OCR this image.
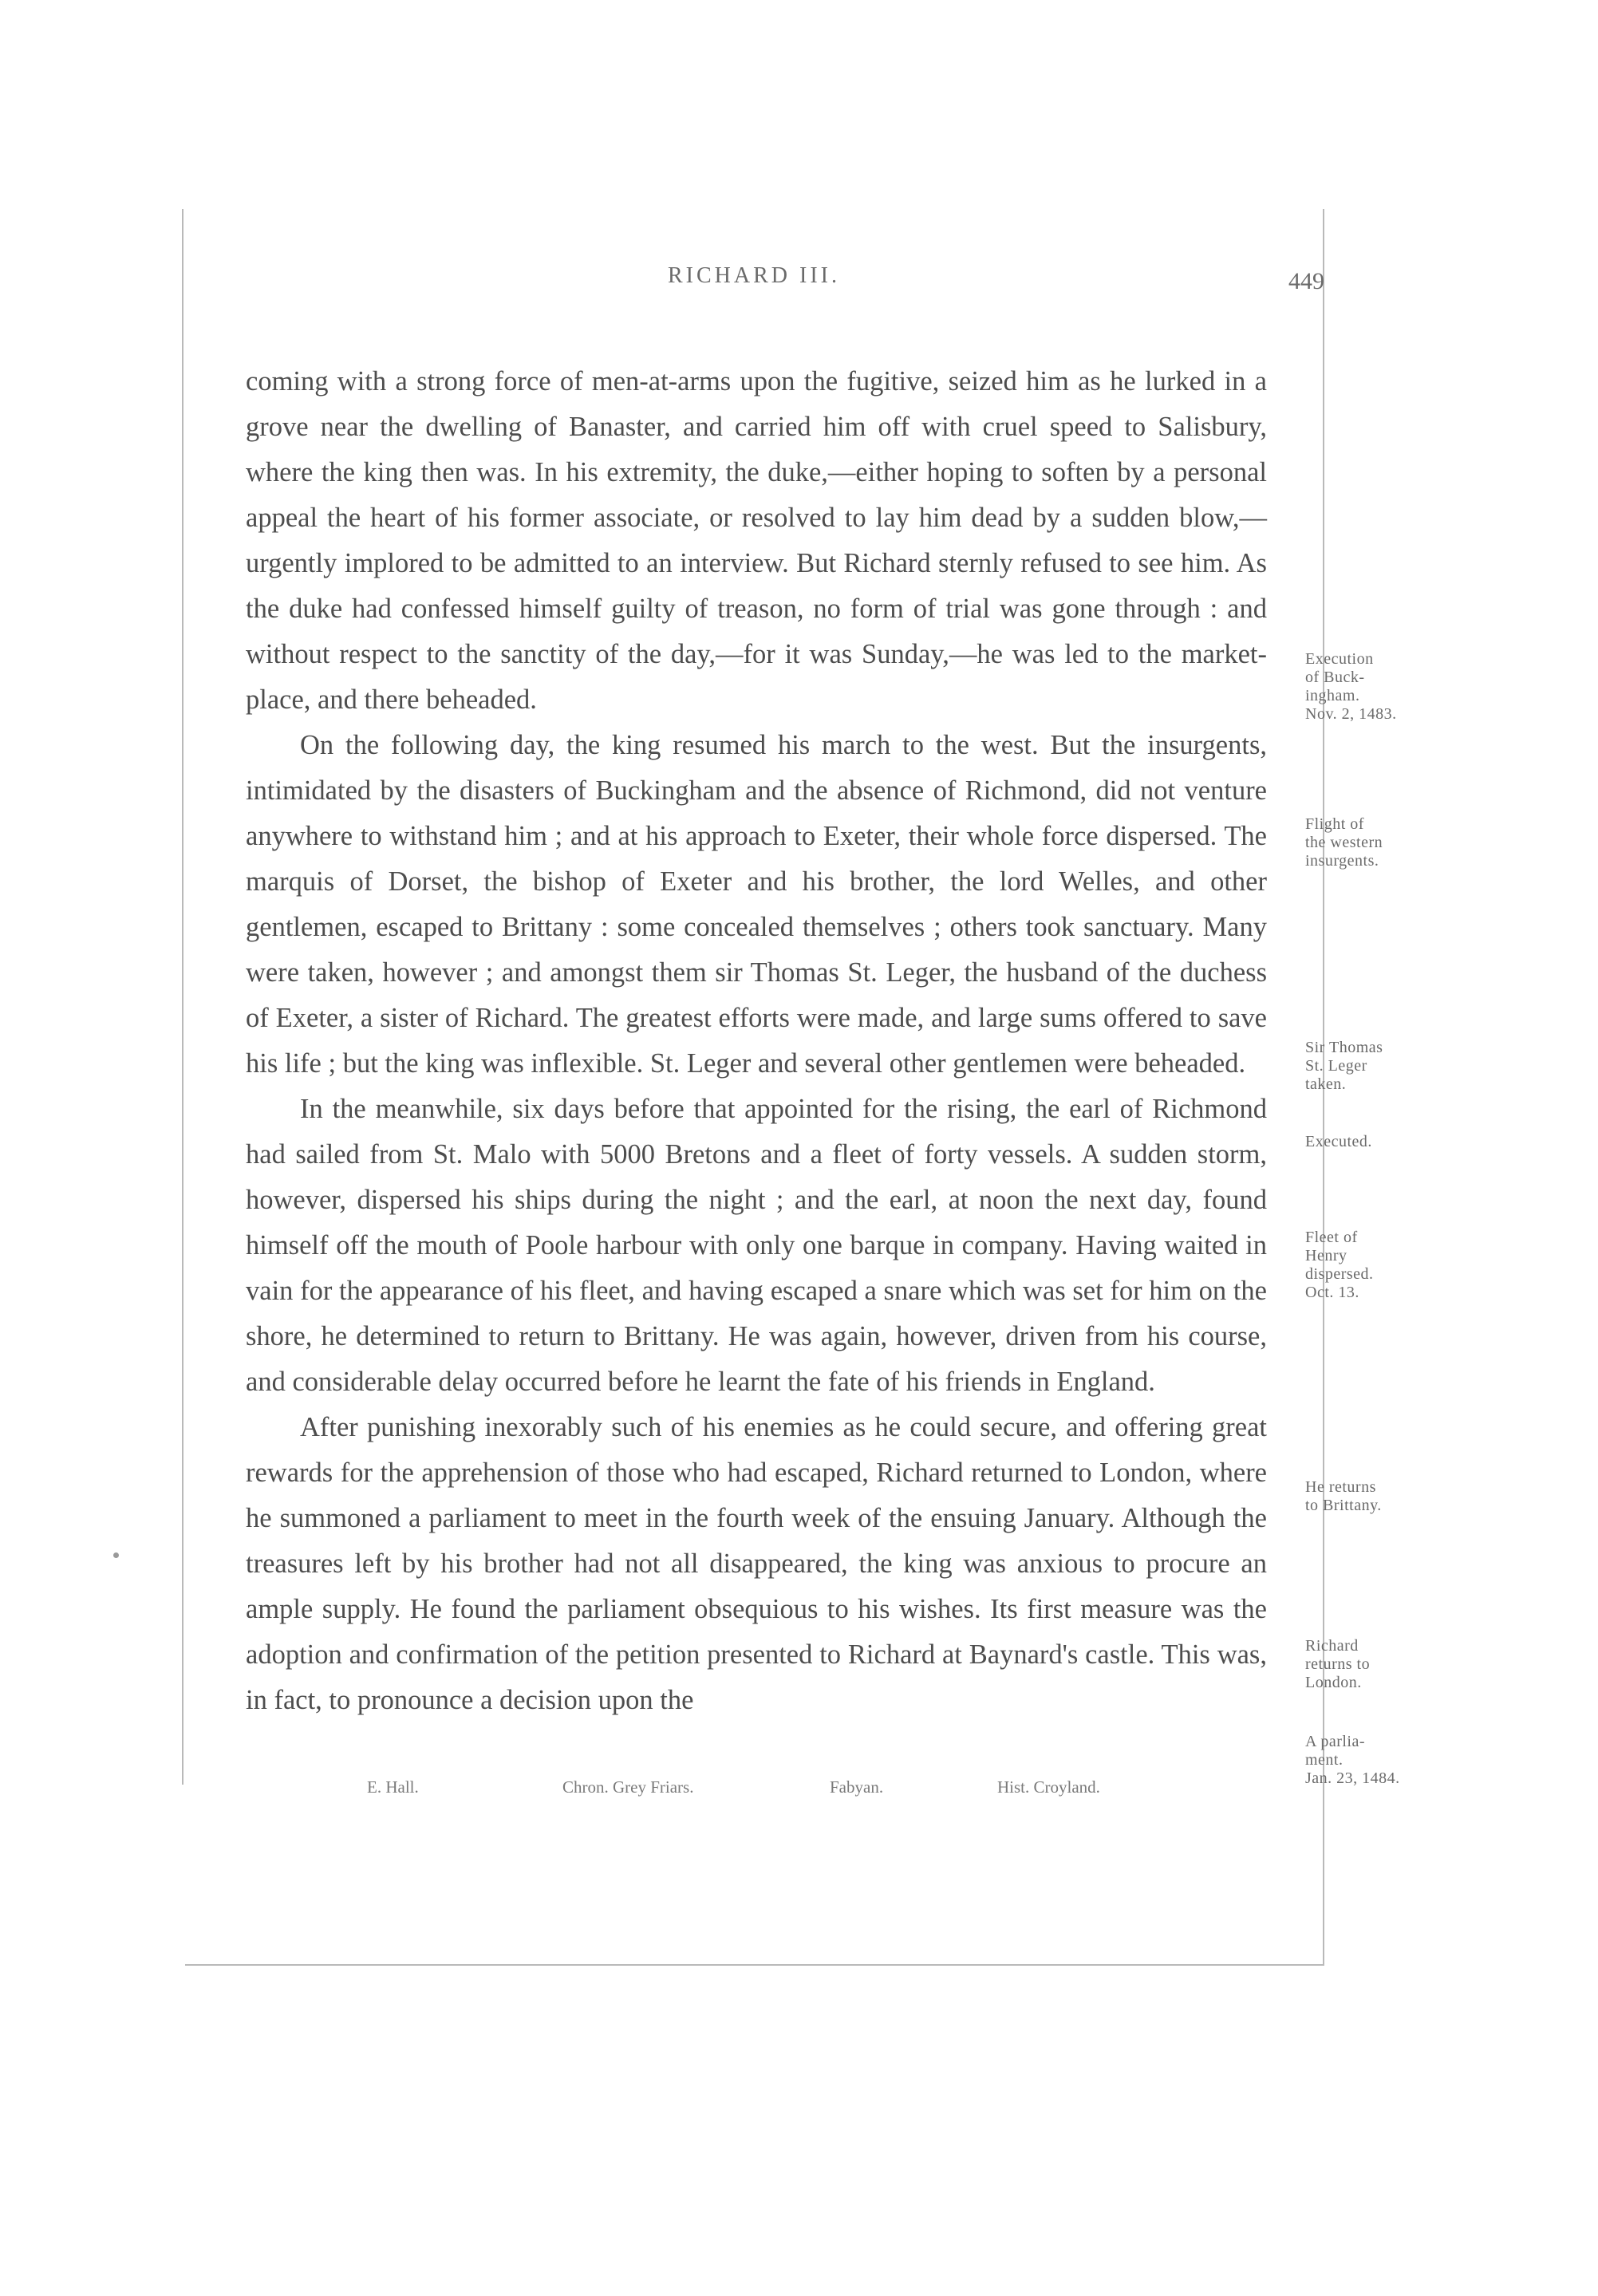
RICHARD III.	449

coming with a strong force of men-at-arms upon the fugitive, seized him as he lurked in a grove near the dwelling of Banaster, and carried him off with cruel speed to Salisbury, where the king then was. In his extremity, the duke,—either hoping to soften by a personal appeal the heart of his former associate, or resolved to lay him dead by a sudden blow,—urgently implored to be admitted to an interview. But Richard sternly refused to see him. As the duke had confessed himself guilty of treason, no form of trial was gone through : and without respect to the sanctity of the day,—for it was Sunday,—he was led to the market-place, and there beheaded.

On the following day, the king resumed his march to the west. But the insurgents, intimidated by the disasters of Buckingham and the absence of Richmond, did not venture anywhere to withstand him ; and at his approach to Exeter, their whole force dispersed. The marquis of Dorset, the bishop of Exeter and his brother, the lord Welles, and other gentlemen, escaped to Brittany : some concealed themselves ; others took sanctuary. Many were taken, however ; and amongst them sir Thomas St. Leger, the husband of the duchess of Exeter, a sister of Richard. The greatest efforts were made, and large sums offered to save his life ; but the king was inflexible. St. Leger and several other gentlemen were beheaded.

In the meanwhile, six days before that appointed for the rising, the earl of Richmond had sailed from St. Malo with 5000 Bretons and a fleet of forty vessels. A sudden storm, however, dispersed his ships during the night ; and the earl, at noon the next day, found himself off the mouth of Poole harbour with only one barque in company. Having waited in vain for the appearance of his fleet, and having escaped a snare which was set for him on the shore, he determined to return to Brittany. He was again, however, driven from his course, and considerable delay occurred before he learnt the fate of his friends in England.

After punishing inexorably such of his enemies as he could secure, and offering great rewards for the apprehension of those who had escaped, Richard returned to London, where he summoned a parliament to meet in the fourth week of the ensuing January. Although the treasures left by his brother had not all disappeared, the king was anxious to procure an ample supply. He found the parliament obsequious to his wishes. Its first measure was the adoption and confirmation of the petition presented to Richard at Baynard's castle. This was, in fact, to pronounce a decision upon the

Execution
of Buck-
ingham.
Nov. 2, 1483.
Flight of
the western
insurgents.
Sir Thomas
St. Leger
taken.
Executed.
Fleet of
Henry
dispersed.
Oct. 13.
He returns
to Brittany.
Richard
returns to
London.
A parlia-
ment.
Jan. 23, 1484.
E. Hall.	Chron. Grey Friars.	Fabyan.	Hist. Croyland.
